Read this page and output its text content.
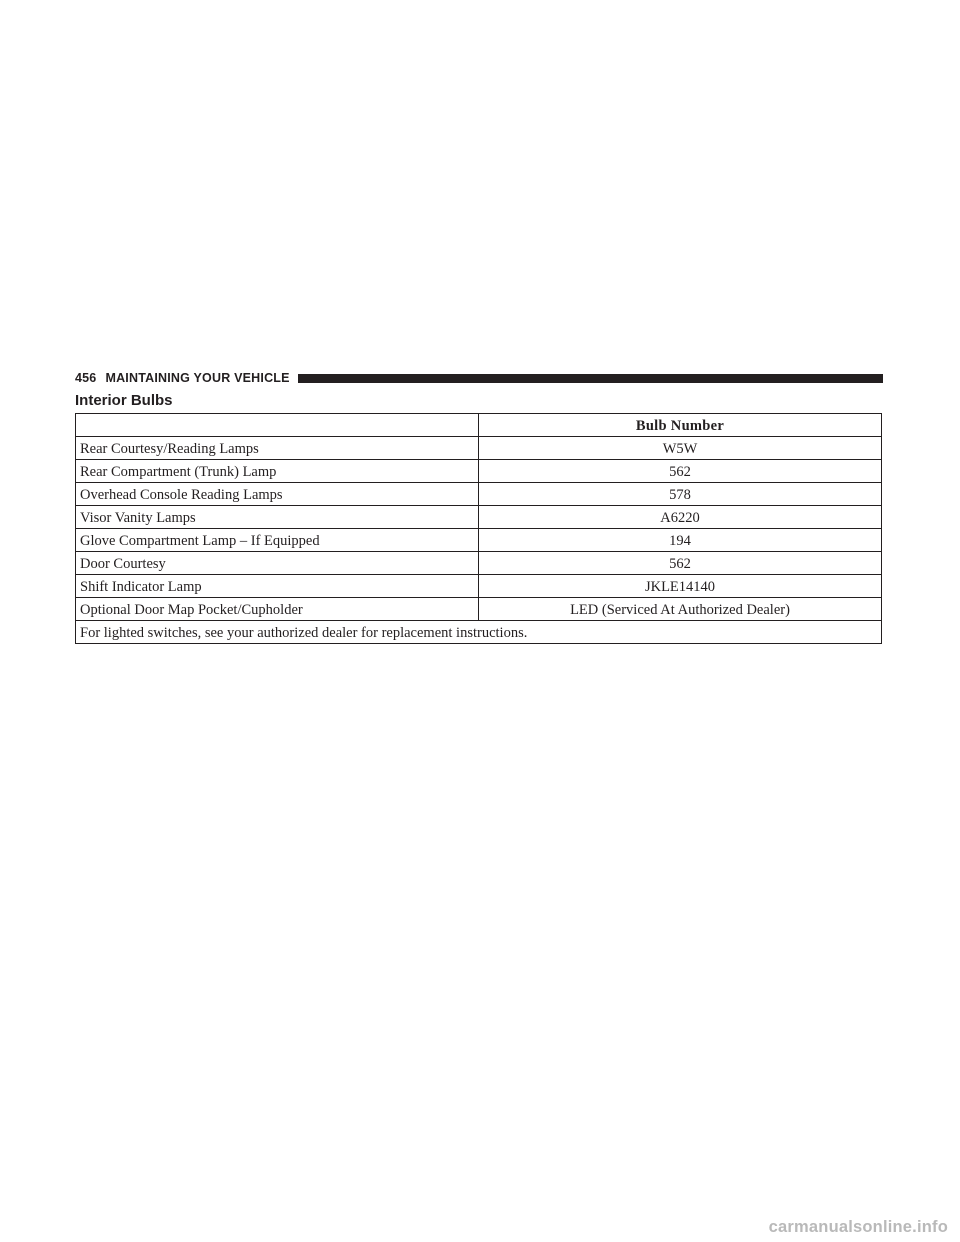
456 MAINTAINING YOUR VEHICLE
Interior Bulbs
	Bulb Number
Rear Courtesy/Reading Lamps	W5W
Rear Compartment (Trunk) Lamp	562
Overhead Console Reading Lamps	578
Visor Vanity Lamps	A6220
Glove Compartment Lamp – If Equipped	194
Door Courtesy	562
Shift Indicator Lamp	JKLE14140
Optional Door Map Pocket/Cupholder	LED (Serviced At Authorized Dealer)
For lighted switches, see your authorized dealer for replacement instructions.	
carmanualsonline.info
